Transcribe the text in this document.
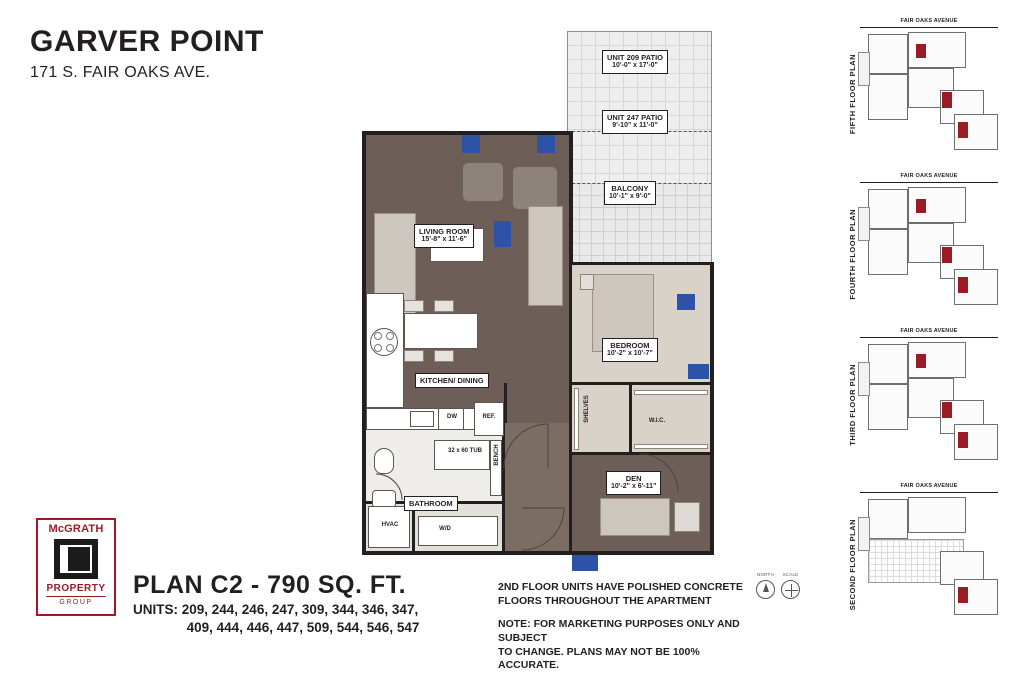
GARVER POINT
171 S. FAIR OAKS AVE.
McGRATH
PROPERTY
GROUP
PLAN C2 - 790 SQ. FT.
UNITS: 209, 244, 246, 247, 309, 344, 346, 347,
409, 444, 446, 447, 509, 544, 546, 547
2ND FLOOR UNITS HAVE POLISHED CONCRETE
FLOORS THROUGHOUT THE APARTMENT
NOTE: FOR MARKETING PURPOSES ONLY AND SUBJECT
TO CHANGE. PLANS MAY NOT BE 100% ACCURATE.
NORTH	SCALE
LIVING ROOM
15'-8" x 11'-6"
KITCHEN/ DINING
BATHROOM
BEDROOM
10'-2" x 10'-7"
DEN
10'-2" x 6'-11"
BALCONY
10'-1" x 9'-0"
UNIT 209 PATIO
10'-0" x 17'-0"
UNIT 247 PATIO
9'-10" x 11'-0"
32 x 60 TUB	BENCH
REF.
DW
W/D
HVAC
W.I.C.
SHELVES
FAIR OAKS AVENUE
FIFTH FLOOR PLAN
FAIR OAKS AVENUE
FOURTH FLOOR PLAN
FAIR OAKS AVENUE
THIRD FLOOR PLAN
FAIR OAKS AVENUE
SECOND FLOOR PLAN
